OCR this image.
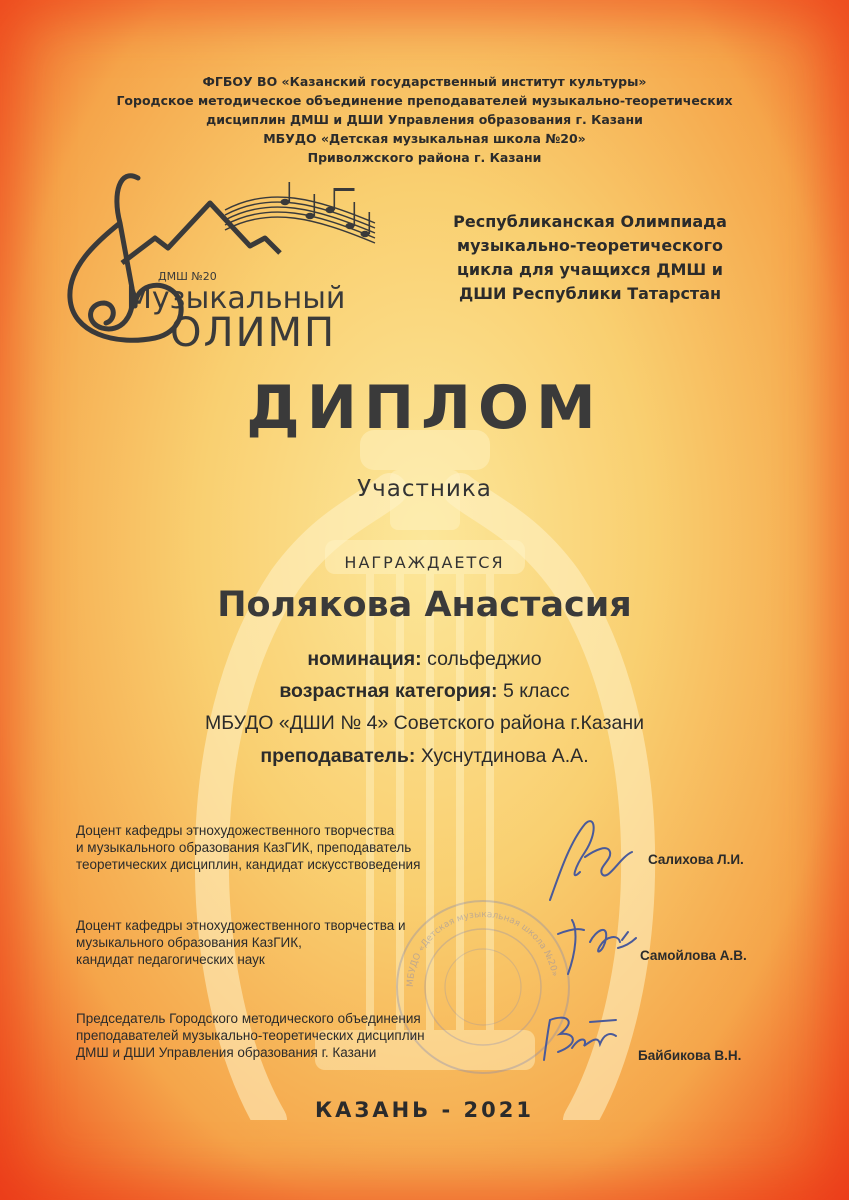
ФГБОУ ВО «Казанский государственный институт культуры»
Городское методическое объединение преподавателей музыкально-теоретических
дисциплин ДМШ и ДШИ Управления образования г. Казани
МБУДО «Детская музыкальная школа №20»
Приволжского района г. Казани
ДМШ №20
Музыкальный
ОЛИМП
Республиканская Олимпиада
музыкально-теоретического
цикла для учащихся ДМШ и
ДШИ Республики Татарстан
ДИПЛОМ
Участника
НАГРАЖДАЕТСЯ
Полякова Анастасия
номинация: сольфеджио
возрастная категория: 5 класс
МБУДО «ДШИ № 4» Советского района г.Казани
преподаватель: Хуснутдинова А.А.
МБУДО «Детская музыкальная школа №20»
Доцент кафедры этнохудожественного творчества
и музыкального образования КазГИК, преподаватель
теоретических дисциплин, кандидат искусствоведения	Салихова Л.И.
Доцент кафедры этнохудожественного творчества и
музыкального образования КазГИК,
кандидат педагогических наук	Самойлова А.В.
Председатель Городского методического объединения
преподавателей музыкально-теоретических дисциплин
ДМШ и ДШИ Управления образования г. Казани	Байбикова В.Н.
КАЗАНЬ - 2021
